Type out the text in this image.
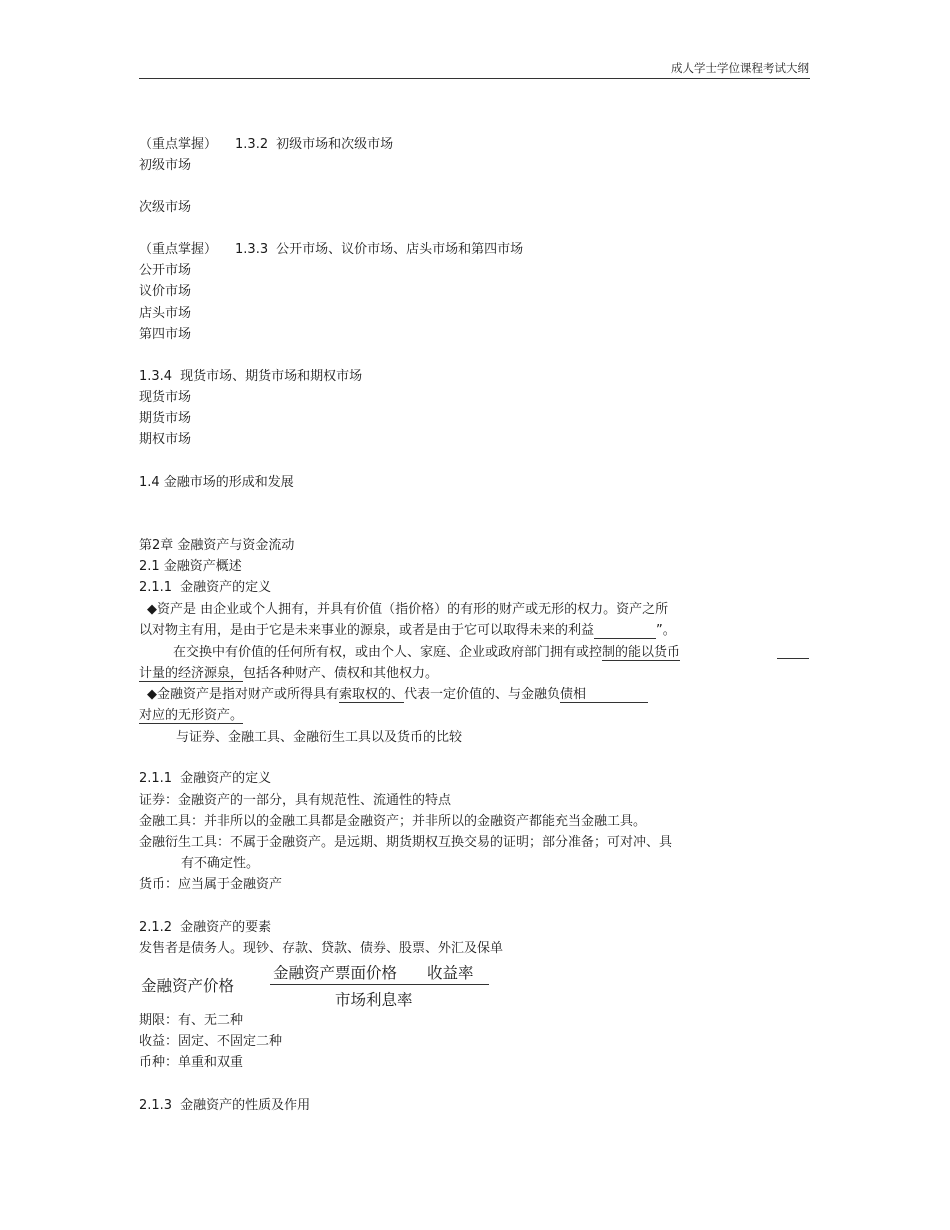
成人学士学位课程考试大纲
（重点掌握） 1.3.2 初级市场和次级市场
初级市场
次级市场
（重点掌握） 1.3.3 公开市场、议价市场、店头市场和第四市场
公开市场
议价市场
店头市场
第四市场
1.3.4 现货市场、期货市场和期权市场
现货市场
期货市场
期权市场
1.4 金融市场的形成和发展
第2章 金融资产与资金流动
2.1 金融资产概述
2.1.1 金融资产的定义
◆资产是 由企业或个人拥有，并具有价值（指价格）的有形的财产或无形的权力。资产之所
以对物主有用，是由于它是未来事业的源泉，或者是由于它可以取得未来的利益	”。
在交换中有价值的任何所有权，或由个人、家庭、企业或政府部门拥有或控制的能以货币
计量的经济源泉，包括各种财产、债权和其他权力。
◆金融资产是指对财产或所得具有索取权的、代表一定价值的、与金融负债相
对应的无形资产。
与证券、金融工具、金融衍生工具以及货币的比较
2.1.1 金融资产的定义
证券：金融资产的一部分，具有规范性、流通性的特点
金融工具：并非所以的金融工具都是金融资产；并非所以的金融资产都能充当金融工具。
金融衍生工具：不属于金融资产。是远期、期货期权互换交易的证明；部分准备；可对冲、具
有不确定性。
货币：应当属于金融资产
2.1.2 金融资产的要素
发售者是债务人。现钞、存款、贷款、债券、股票、外汇及保单
金融资产价格
金融资产票面价格 收益率
市场利息率
期限：有、无二种
收益：固定、不固定二种
币种：单重和双重
2.1.3 金融资产的性质及作用
